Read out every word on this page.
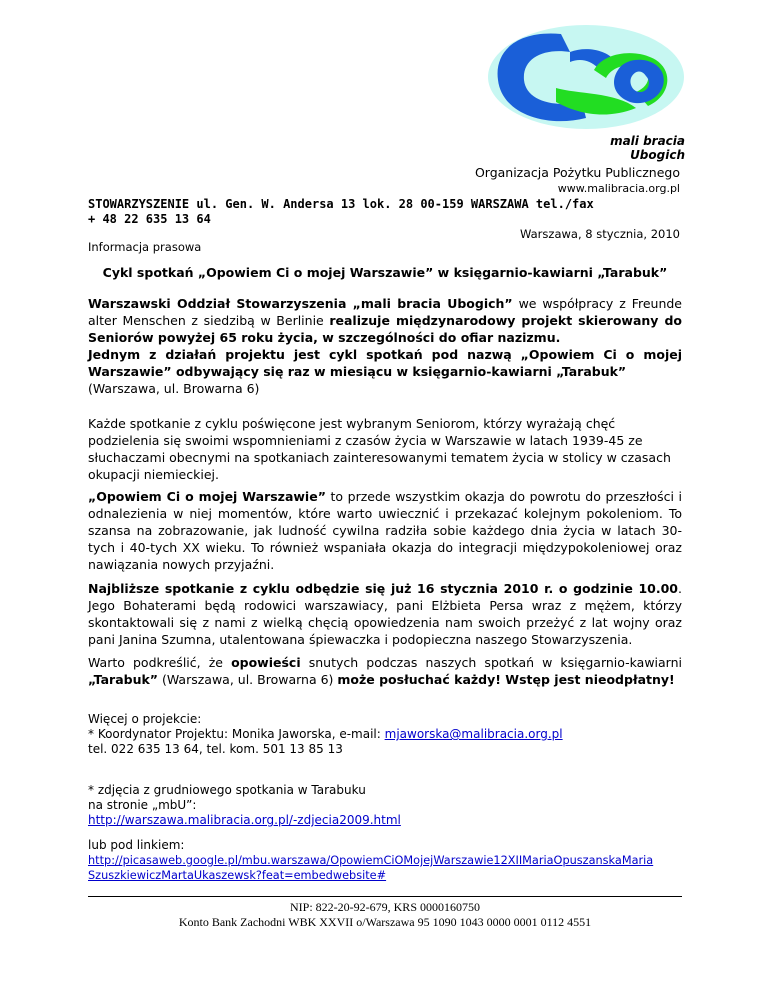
mali bracia Ubogich
Organizacja Pożytku Publicznego
www.malibracia.org.pl
STOWARZYSZENIE ul. Gen. W. Andersa 13 lok. 28 00-159 WARSZAWA tel./fax
+ 48 22 635 13 64
Warszawa, 8 stycznia, 2010
Informacja prasowa
Cykl spotkań „Opowiem Ci o mojej Warszawie” w księgarnio-kawiarni „Tarabuk”
Warszawski Oddział Stowarzyszenia „mali bracia Ubogich” we współpracy z Freunde alter Menschen z siedzibą w Berlinie realizuje międzynarodowy projekt skierowany do Seniorów powyżej 65 roku życia, w szczególności do ofiar nazizmu.
Jednym z działań projektu jest cykl spotkań pod nazwą „Opowiem Ci o mojej Warszawie” odbywający się raz w miesiącu w księgarnio-kawiarni „Tarabuk”
(Warszawa, ul. Browarna 6)
Każde spotkanie z cyklu poświęcone jest wybranym Seniorom, którzy wyrażają chęć podzielenia się swoimi wspomnieniami z czasów życia w Warszawie w latach 1939-45 ze słuchaczami obecnymi na spotkaniach zainteresowanymi tematem życia w stolicy w czasach okupacji niemieckiej.
„Opowiem Ci o mojej Warszawie” to przede wszystkim okazja do powrotu do przeszłości i odnalezienia w niej momentów, które warto uwiecznić i przekazać kolejnym pokoleniom. To szansa na zobrazowanie, jak ludność cywilna radziła sobie każdego dnia życia w latach 30-tych i 40-tych XX wieku. To również wspaniała okazja do integracji międzypokoleniowej oraz nawiązania nowych przyjaźni.
Najbliższe spotkanie z cyklu odbędzie się już 16 stycznia 2010 r. o godzinie 10.00. Jego Bohaterami będą rodowici warszawiacy, pani Elżbieta Persa wraz z mężem, którzy skontaktowali się z nami z wielką chęcią opowiedzenia nam swoich przeżyć z lat wojny oraz pani Janina Szumna, utalentowana śpiewaczka i podopieczna naszego Stowarzyszenia.
Warto podkreślić, że opowieści snutych podczas naszych spotkań w księgarnio-kawiarni „Tarabuk” (Warszawa, ul. Browarna 6) może posłuchać każdy! Wstęp jest nieodpłatny!
Więcej o projekcie:
* Koordynator Projektu: Monika Jaworska, e-mail: mjaworska@malibracia.org.pl
tel. 022 635 13 64, tel. kom. 501 13 85 13
* zdjęcia z grudniowego spotkania w Tarabuku
na stronie „mbU”:
http://warszawa.malibracia.org.pl/-zdjecia2009.html
lub pod linkiem:
http://picasaweb.google.pl/mbu.warszawa/OpowiemCiOMojejWarszawie12XIIMariaOpuszanskaMaria
SzuszkiewiczMartaUkaszewsk?feat=embedwebsite#
NIP: 822-20-92-679, KRS 0000160750
Konto Bank Zachodni WBK XXVII o/Warszawa 95 1090 1043 0000 0001 0112 4551
